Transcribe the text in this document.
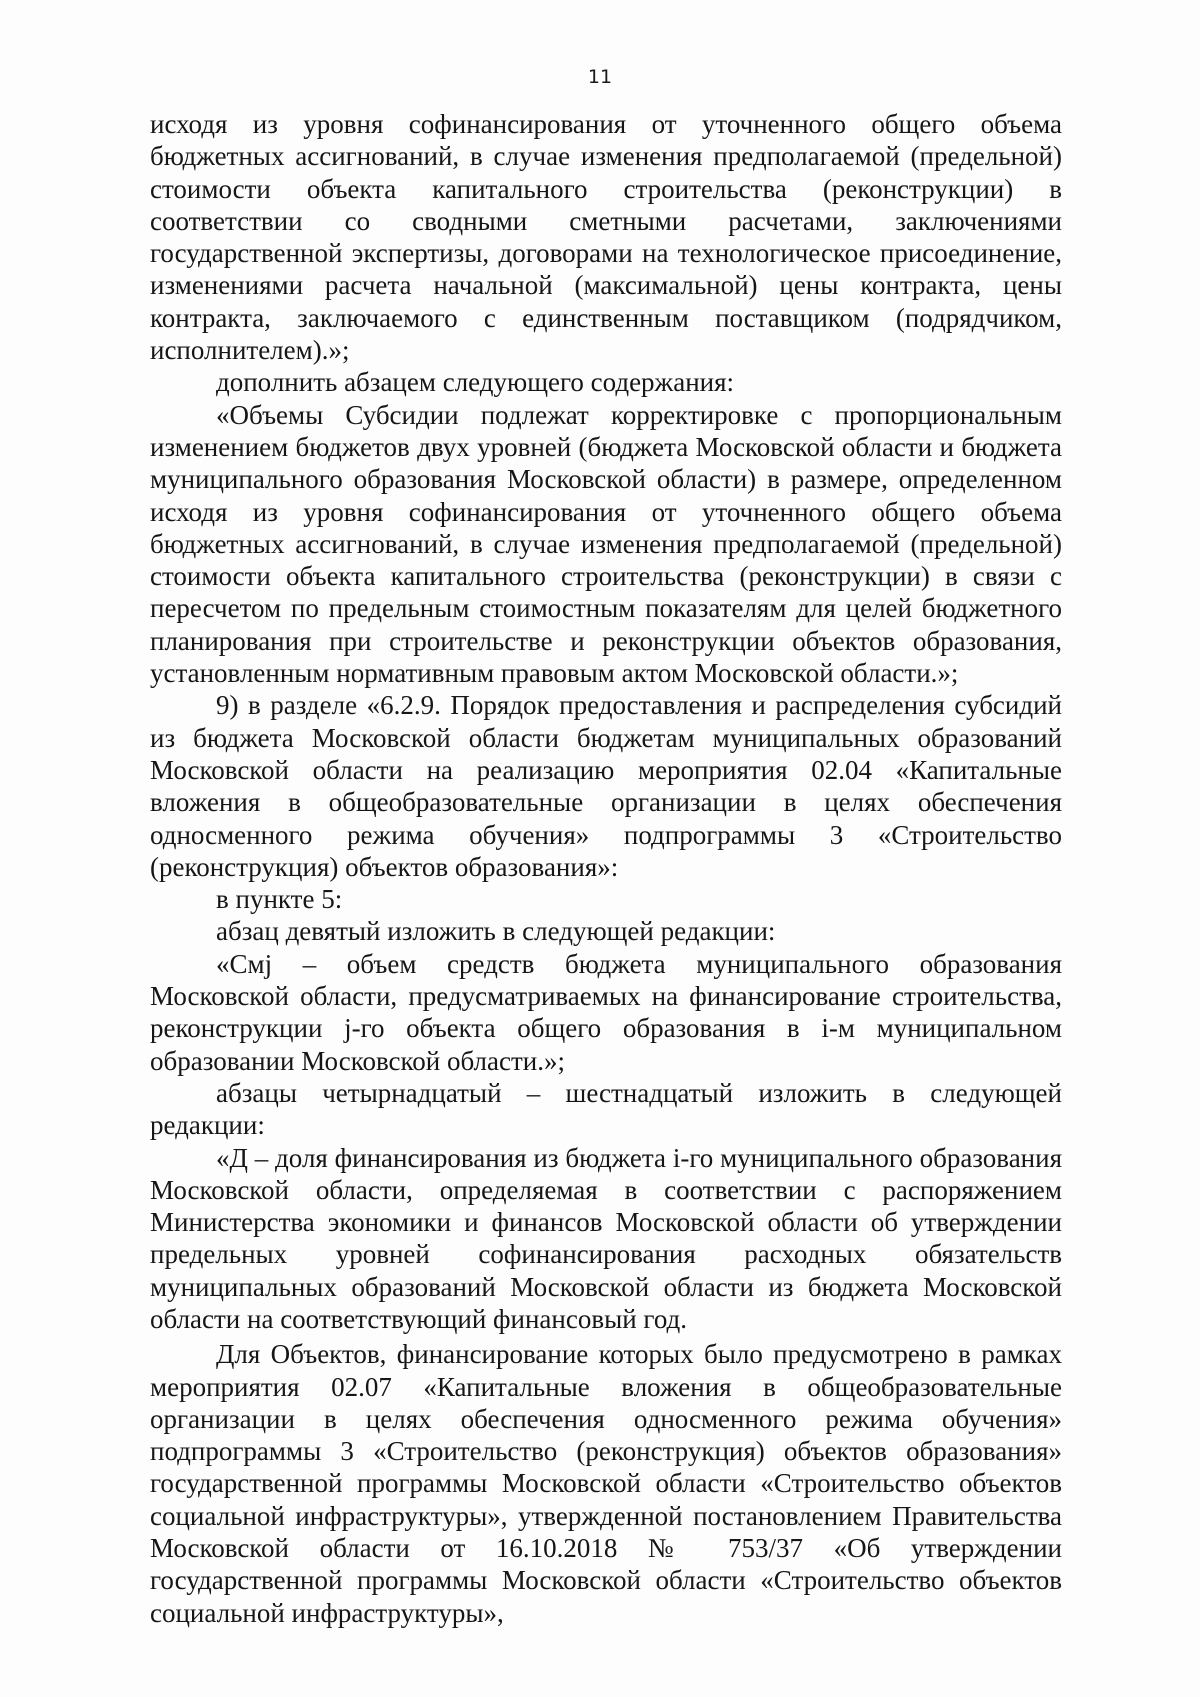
11

исходя из уровня софинансирования от уточненного общего объема бюджетных ассигнований, в случае изменения предполагаемой (предельной) стоимости объекта капитального строительства (реконструкции) в соответствии со сводными сметными расчетами, заключениями государственной экспертизы, договорами на технологическое присоединение, изменениями расчета начальной (максимальной) цены контракта, цены контракта, заключаемого с единственным поставщиком (подрядчиком, исполнителем).»;

дополнить абзацем следующего содержания:

«Объемы Субсидии подлежат корректировке с пропорциональным изменением бюджетов двух уровней (бюджета Московской области и бюджета муниципального образования Московской области) в размере, определенном исходя из уровня софинансирования от уточненного общего объема бюджетных ассигнований, в случае изменения предполагаемой (предельной) стоимости объекта капитального строительства (реконструкции) в связи с пересчетом по предельным стоимостным показателям для целей бюджетного планирования при строительстве и реконструкции объектов образования, установленным нормативным правовым актом Московской области.»;

9) в разделе «6.2.9. Порядок предоставления и распределения субсидий из бюджета Московской области бюджетам муниципальных образований Московской области на реализацию мероприятия 02.04 «Капитальные вложения в общеобразовательные организации в целях обеспечения односменного режима обучения» подпрограммы 3 «Строительство (реконструкция) объектов образования»:

в пункте 5:

абзац девятый изложить в следующей редакции:

«Смj – объем средств бюджета муниципального образования Московской области, предусматриваемых на финансирование строительства, реконструкции j-го объекта общего образования в i-м муниципальном образовании Московской области.»;

абзацы четырнадцатый – шестнадцатый изложить в следующей редакции:

«Д – доля финансирования из бюджета i-го муниципального образования Московской области, определяемая в соответствии с распоряжением Министерства экономики и финансов Московской области об утверждении предельных уровней софинансирования расходных обязательств муниципальных образований Московской области из бюджета Московской области на соответствующий финансовый год.

Для Объектов, финансирование которых было предусмотрено в рамках мероприятия 02.07 «Капитальные вложения в общеобразовательные организации в целях обеспечения односменного режима обучения» подпрограммы 3 «Строительство (реконструкция) объектов образования» государственной программы Московской области «Строительство объектов социальной инфраструктуры», утвержденной постановлением Правительства Московской области от 16.10.2018 № 753/37 «Об утверждении государственной программы Московской области «Строительство объектов социальной инфраструктуры»,
